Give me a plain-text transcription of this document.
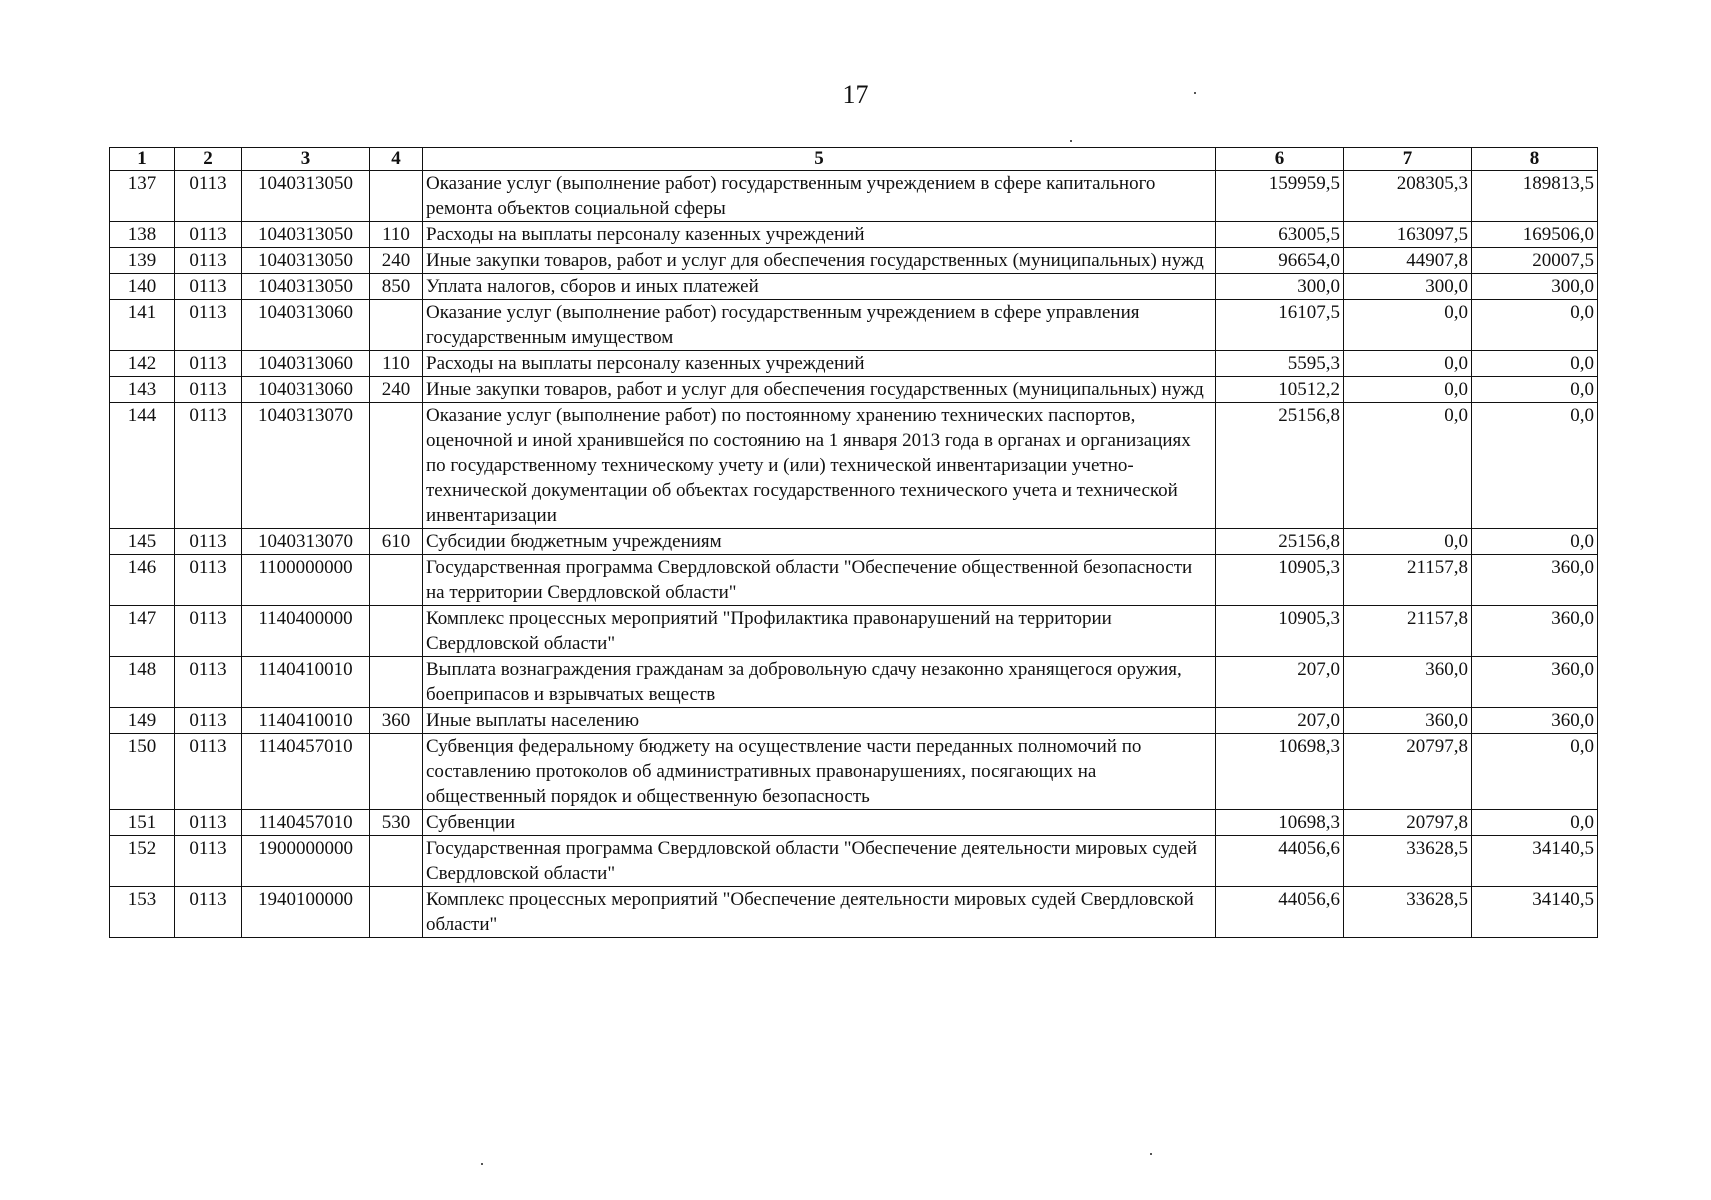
17
1	2	3	4	5	6	7	8
137	0113	1040313050		Оказание услуг (выполнение работ) государственным учреждением в сфере капитального ремонта объектов социальной сферы	159959,5	208305,3	189813,5
138	0113	1040313050	110	Расходы на выплаты персоналу казенных учреждений	63005,5	163097,5	169506,0
139	0113	1040313050	240	Иные закупки товаров, работ и услуг для обеспечения государственных (муниципальных) нужд	96654,0	44907,8	20007,5
140	0113	1040313050	850	Уплата налогов, сборов и иных платежей	300,0	300,0	300,0
141	0113	1040313060		Оказание услуг (выполнение работ) государственным учреждением в сфере управления государственным имуществом	16107,5	0,0	0,0
142	0113	1040313060	110	Расходы на выплаты персоналу казенных учреждений	5595,3	0,0	0,0
143	0113	1040313060	240	Иные закупки товаров, работ и услуг для обеспечения государственных (муниципальных) нужд	10512,2	0,0	0,0
144	0113	1040313070		Оказание услуг (выполнение работ) по постоянному хранению технических паспортов, оценочной и иной хранившейся по состоянию на 1 января 2013 года в органах и организациях по государственному техническому учету и (или) технической инвентаризации учетно-технической документации об объектах государственного технического учета и технической инвентаризации	25156,8	0,0	0,0
145	0113	1040313070	610	Субсидии бюджетным учреждениям	25156,8	0,0	0,0
146	0113	1100000000		Государственная программа Свердловской области "Обеспечение общественной безопасности на территории Свердловской области"	10905,3	21157,8	360,0
147	0113	1140400000		Комплекс процессных мероприятий "Профилактика правонарушений на территории Свердловской области"	10905,3	21157,8	360,0
148	0113	1140410010		Выплата вознаграждения гражданам за добровольную сдачу незаконно хранящегося оружия, боеприпасов и взрывчатых веществ	207,0	360,0	360,0
149	0113	1140410010	360	Иные выплаты населению	207,0	360,0	360,0
150	0113	1140457010		Субвенция федеральному бюджету на осуществление части переданных полномочий по составлению протоколов об административных правонарушениях, посягающих на общественный порядок и общественную безопасность	10698,3	20797,8	0,0
151	0113	1140457010	530	Субвенции	10698,3	20797,8	0,0
152	0113	1900000000		Государственная программа Свердловской области "Обеспечение деятельности мировых судей Свердловской области"	44056,6	33628,5	34140,5
153	0113	1940100000		Комплекс процессных мероприятий "Обеспечение деятельности мировых судей Свердловской области"	44056,6	33628,5	34140,5
